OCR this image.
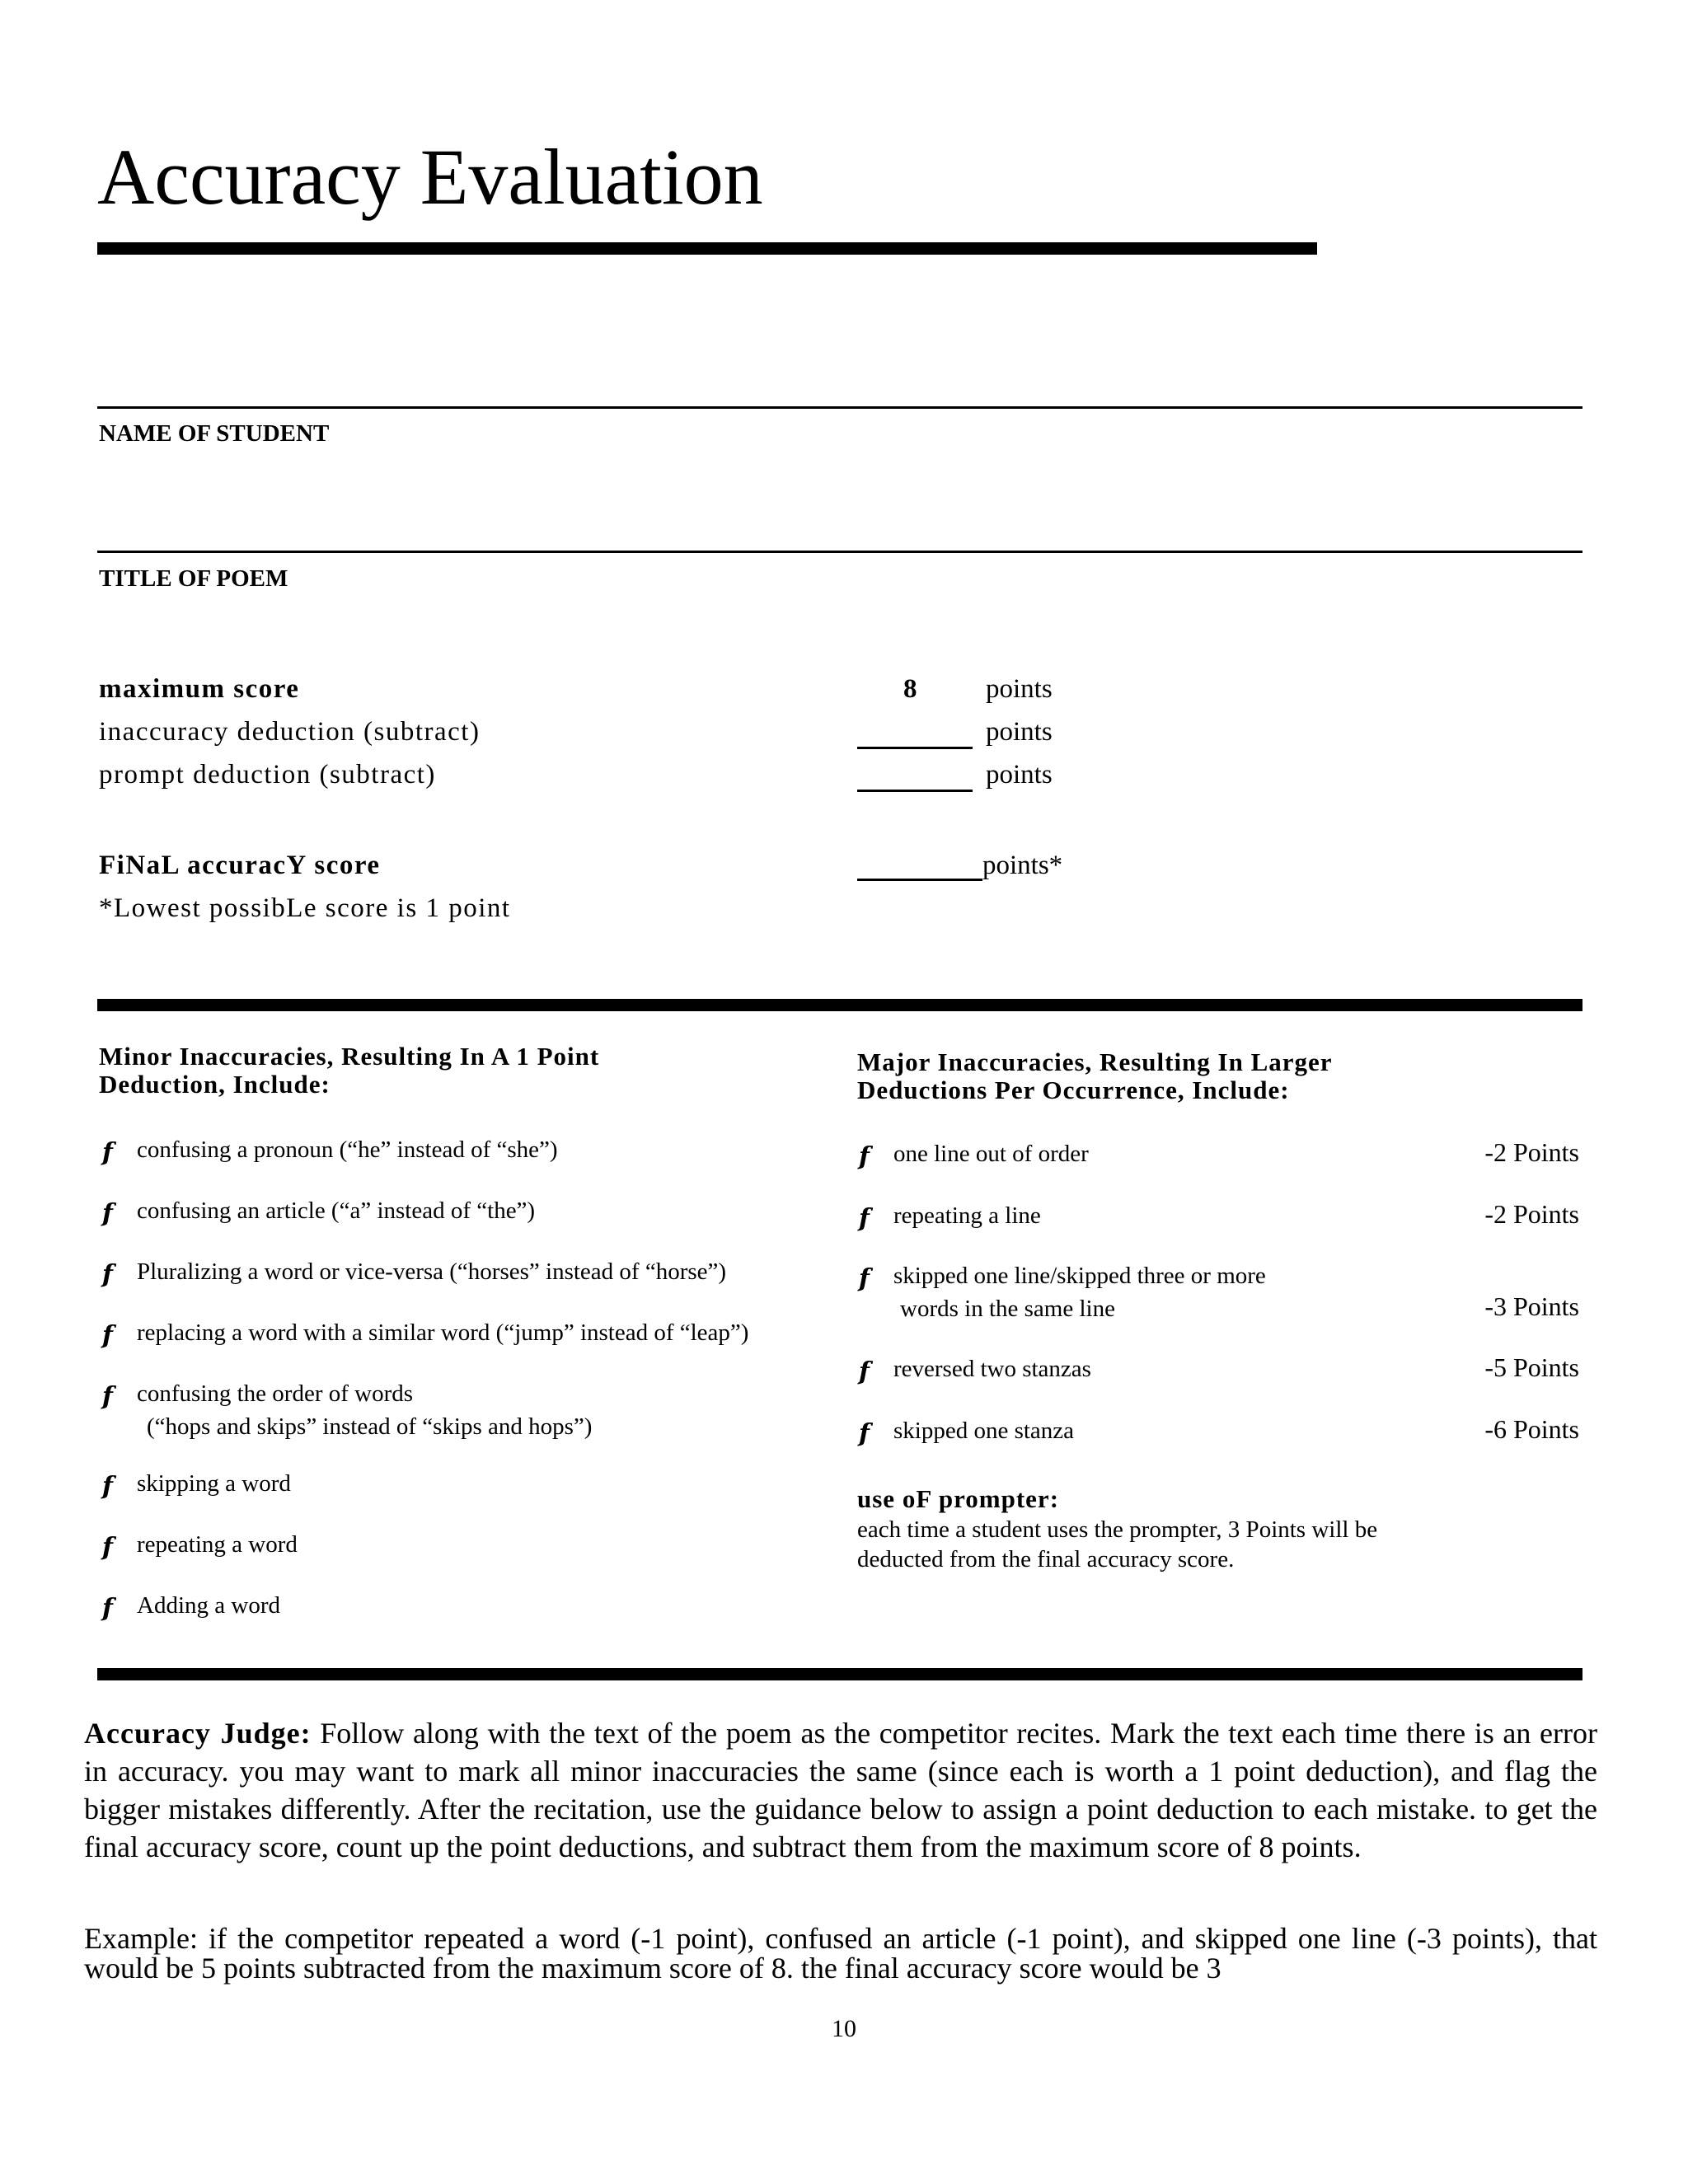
Accuracy Evaluation
NAME OF STUDENT
TITLE OF POEM
maximum score	8	points
inaccuracy deduction (subtract)	points
prompt deduction (subtract)	points
FiNaL accuracY score	points*
*Lowest possibLe score is 1 point
Minor Inaccuracies, Resulting In A 1 Point
Deduction, Include:
f confusing a pronoun (“he” instead of “she”)
f confusing an article (“a” instead of “the”)
f Pluralizing a word or vice-versa (“horses” instead of “horse”)
f replacing a word with a similar word (“jump” instead of “leap”)
f confusing the order of words
(“hops and skips” instead of “skips and hops”)
f skipping a word
f repeating a word
f Adding a word
Major Inaccuracies, Resulting In Larger
Deductions Per Occurrence, Include:
f one line out of order	-2 Points
f repeating a line	-2 Points
f skipped one line/skipped three or more
words in the same line	-3 Points
f reversed two stanzas	-5 Points
f skipped one stanza	-6 Points
use oF prompter:
each time a student uses the prompter, 3 Points will be
deducted from the final accuracy score.
Accuracy Judge: Follow along with the text of the poem as the competitor recites. Mark the text each time there is an error in accuracy. you may want to mark all minor inaccuracies the same (since each is worth a 1 point deduction), and flag the bigger mistakes differently. After the recitation, use the guidance below to assign a point deduction to each mistake. to get the final accuracy score, count up the point deductions, and subtract them from the maximum score of 8 points.
Example: if the competitor repeated a word (-1 point), confused an article (-1 point), and skipped one line (-3 points), that would be 5 points subtracted from the maximum score of 8. the final accuracy score would be 3
10
